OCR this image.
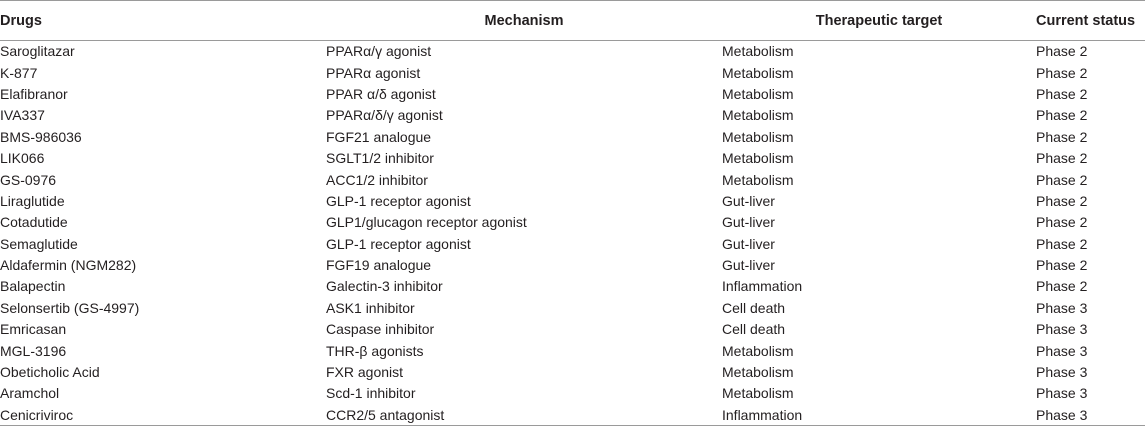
Drugs	Mechanism	Therapeutic target	Current status
Saroglitazar	PPARα/γ agonist	Metabolism	Phase 2
K-877	PPARα agonist	Metabolism	Phase 2
Elafibranor	PPAR α/δ agonist	Metabolism	Phase 2
IVA337	PPARα/δ/γ agonist	Metabolism	Phase 2
BMS-986036	FGF21 analogue	Metabolism	Phase 2
LIK066	SGLT1/2 inhibitor	Metabolism	Phase 2
GS-0976	ACC1/2 inhibitor	Metabolism	Phase 2
Liraglutide	GLP-1 receptor agonist	Gut-liver	Phase 2
Cotadutide	GLP1/glucagon receptor agonist	Gut-liver	Phase 2
Semaglutide	GLP-1 receptor agonist	Gut-liver	Phase 2
Aldafermin (NGM282)	FGF19 analogue	Gut-liver	Phase 2
Balapectin	Galectin-3 inhibitor	Inflammation	Phase 2
Selonsertib (GS-4997)	ASK1 inhibitor	Cell death	Phase 3
Emricasan	Caspase inhibitor	Cell death	Phase 3
MGL-3196	THR-β agonists	Metabolism	Phase 3
Obeticholic Acid	FXR agonist	Metabolism	Phase 3
Aramchol	Scd-1 inhibitor	Metabolism	Phase 3
Cenicriviroc	CCR2/5 antagonist	Inflammation	Phase 3
